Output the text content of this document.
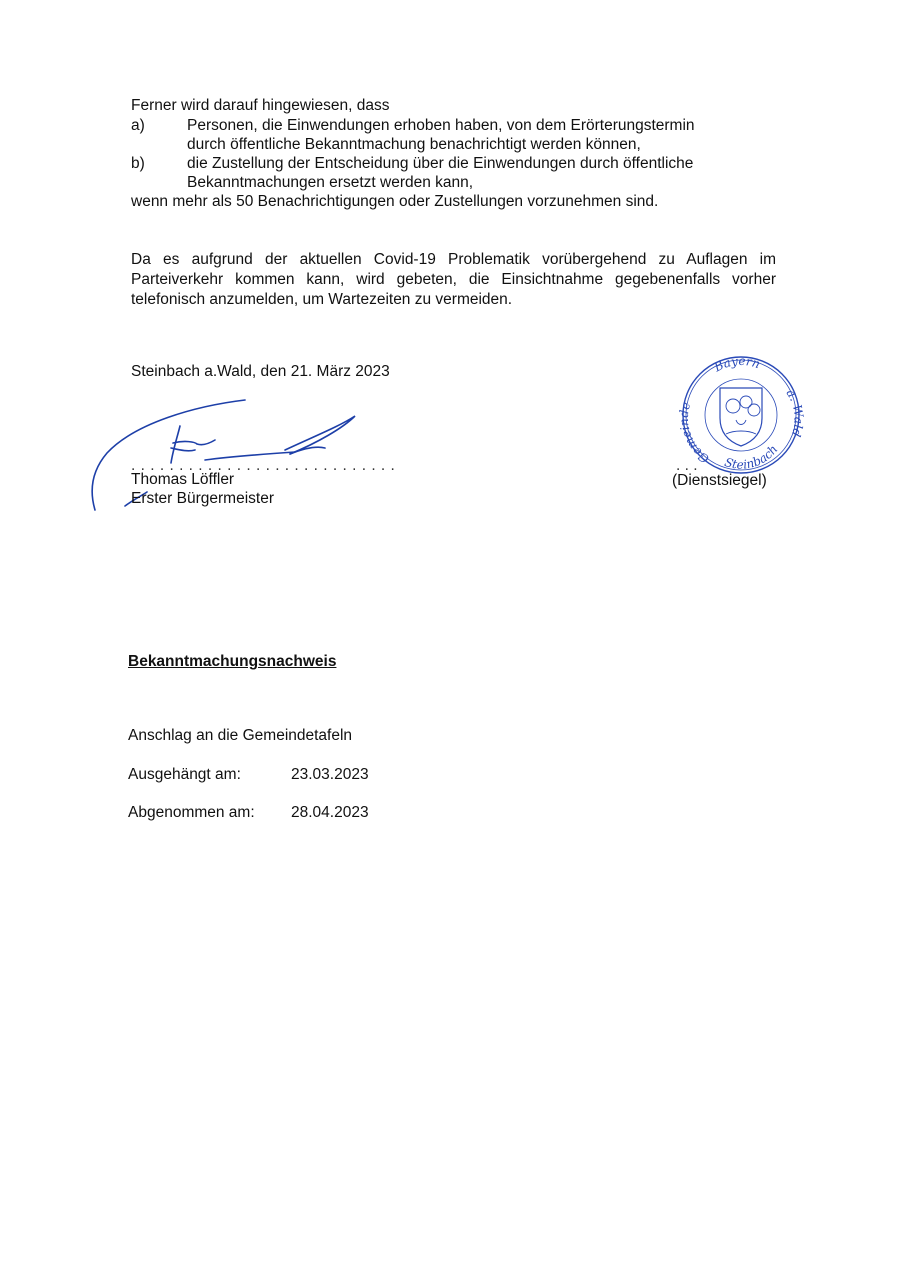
Ferner wird darauf hingewiesen, dass
a)	Personen, die Einwendungen erhoben haben, von dem Erörterungstermin
durch öffentliche Bekanntmachung benachrichtigt werden können,
b)	die Zustellung der Entscheidung über die Einwendungen durch öffentliche
Bekanntmachungen ersetzt werden kann,
wenn mehr als 50 Benachrichtigungen oder Zustellungen vorzunehmen sind.
Da es aufgrund der aktuellen Covid-19 Problematik vorübergehend zu Auflagen im
Parteiverkehr kommen kann, wird gebeten, die Einsichtnahme gegebenenfalls vorher
telefonisch anzumelden, um Wartezeiten zu vermeiden.
Steinbach a.Wald, den 21. März 2023
. . . . . . . . . . . . . . . . . . . . . . . . . . . .
Thomas Löffler
Erster Bürgermeister
Bayern
Gemeinde
Steinbach
a. Wald
. . .
(Dienstsiegel)
Bekanntmachungsnachweis
Anschlag an die Gemeindetafeln
Ausgehängt am:	23.03.2023
Abgenommen am: 28.04.2023
